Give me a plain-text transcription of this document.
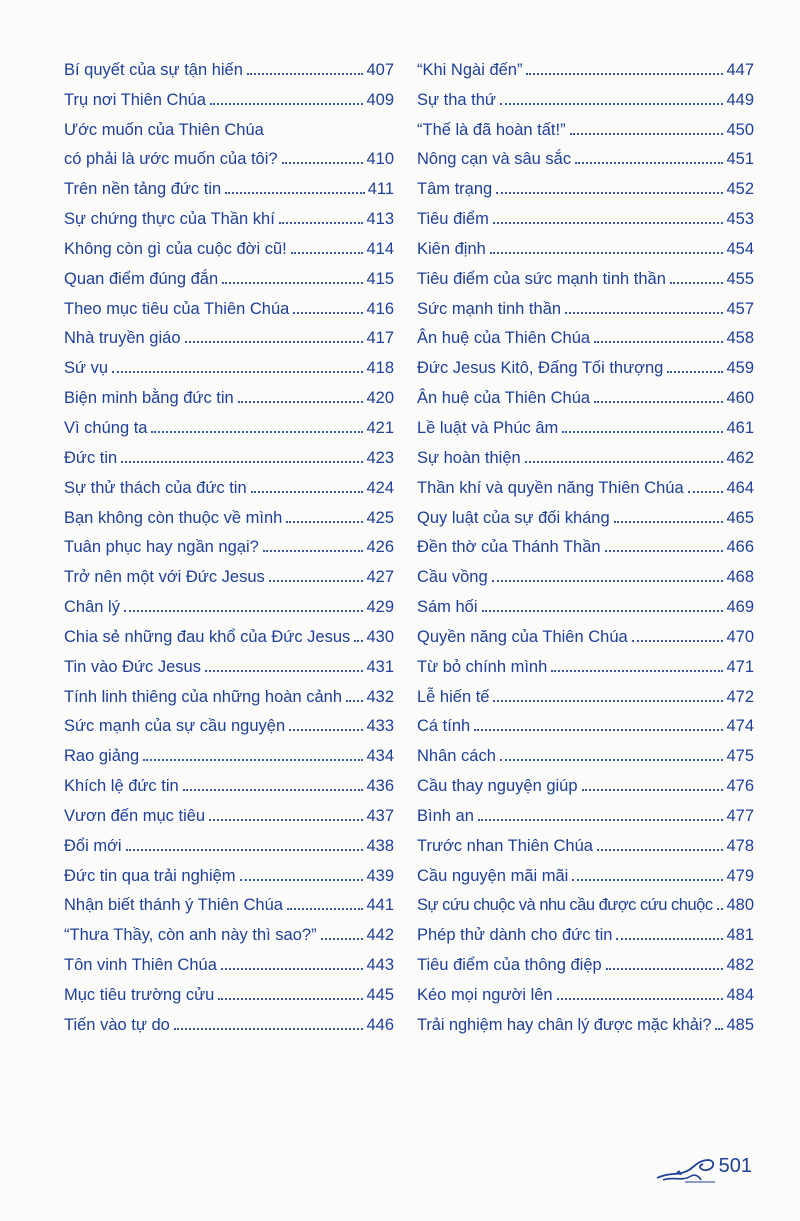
Bí quyết của sự tận hiến	407
Trụ nơi Thiên Chúa	409
Ước muốn của Thiên Chúa
có phải là ước muốn của tôi?	410
Trên nền tảng đức tin	411
Sự chứng thực của Thần khí	413
Không còn gì của cuộc đời cũ!	414
Quan điểm đúng đắn	415
Theo mục tiêu của Thiên Chúa	416
Nhà truyền giáo	417
Sứ vụ	418
Biện minh bằng đức tin	420
Vì chúng ta	421
Đức tin	423
Sự thử thách của đức tin	424
Bạn không còn thuộc về mình	425
Tuân phục hay ngần ngại?	426
Trở nên một với Đức Jesus	427
Chân lý	429
Chia sẻ những đau khổ của Đức Jesus 430
Tin vào Đức Jesus	431
Tính linh thiêng của những hoàn cảnh 432
Sức mạnh của sự cầu nguyện	433
Rao giảng	434
Khích lệ đức tin	436
Vươn đến mục tiêu	437
Đổi mới	438
Đức tin qua trải nghiệm	439
Nhận biết thánh ý Thiên Chúa	441
“Thưa Thầy, còn anh này thì sao?”	442
Tôn vinh Thiên Chúa	443
Mục tiêu trường cửu	445
Tiến vào tự do	446
“Khi Ngài đến”	447
Sự tha thứ	449
“Thế là đã hoàn tất!”	450
Nông cạn và sâu sắc	451
Tâm trạng	452
Tiêu điểm	453
Kiên định	454
Tiêu điểm của sức mạnh tinh thần	455
Sức mạnh tinh thần	457
Ân huệ của Thiên Chúa	458
Đức Jesus Kitô, Đấng Tối thượng	459
Ân huệ của Thiên Chúa	460
Lề luật và Phúc âm	461
Sự hoàn thiện	462
Thần khí và quyền năng Thiên Chúa	464
Quy luật của sự đối kháng	465
Đền thờ của Thánh Thần	466
Cầu vồng	468
Sám hối	469
Quyền năng của Thiên Chúa	470
Từ bỏ chính mình	471
Lễ hiến tế	472
Cá tính	474
Nhân cách	475
Cầu thay nguyện giúp	476
Bình an	477
Trước nhan Thiên Chúa	478
Cầu nguyện mãi mãi	479
Sự cứu chuộc và nhu cầu được cứu chuộc 480
Phép thử dành cho đức tin	481
Tiêu điểm của thông điệp	482
Kéo mọi người lên	484
Trải nghiệm hay chân lý được mặc khải? 485
501
